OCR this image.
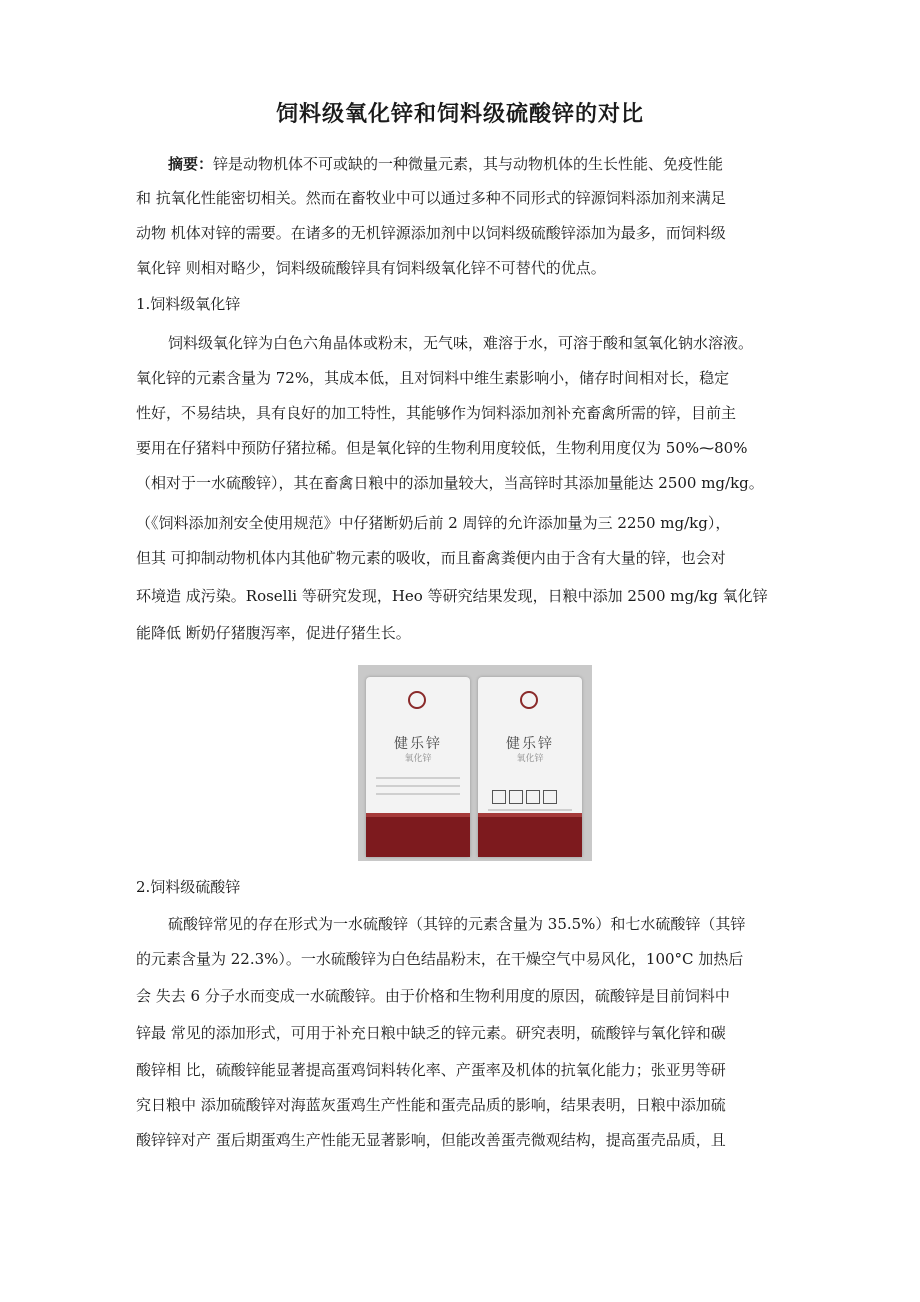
饲料级氧化锌和饲料级硫酸锌的对比
摘要：锌是动物机体不可或缺的一种微量元素，其与动物机体的生长性能、免疫性能
和 抗氧化性能密切相关。然而在畜牧业中可以通过多种不同形式的锌源饲料添加剂来满足
动物 机体对锌的需要。在诸多的无机锌源添加剂中以饲料级硫酸锌添加为最多，而饲料级
氧化锌 则相对略少，饲料级硫酸锌具有饲料级氧化锌不可替代的优点。
1.饲料级氧化锌
饲料级氧化锌为白色六角晶体或粉末，无气味，难溶于水，可溶于酸和氢氧化钠水溶液。
氧化锌的元素含量为 72%，其成本低，且对饲料中维生素影响小，储存时间相对长，稳定
性好，不易结块，具有良好的加工特性，其能够作为饲料添加剂补充畜禽所需的锌，目前主
要用在仔猪料中预防仔猪拉稀。但是氧化锌的生物利用度较低，生物利用度仅为 50%⁓80%
（相对于一水硫酸锌），其在畜禽日粮中的添加量较大，当高锌时其添加量能达 2500 mg/kg。
（《饲料添加剂安全使用规范》中仔猪断奶后前 2 周锌的允许添加量为三 2250 mg/kg），
但其 可抑制动物机体内其他矿物元素的吸收，而且畜禽粪便内由于含有大量的锌，也会对
环境造 成污染。Roselli 等研究发现，Heo 等研究结果发现，日粮中添加 2500 mg/kg 氧化锌
能降低 断奶仔猪腹泻率，促进仔猪生长。
健乐锌
氧化锌
健乐锌
氧化锌
2.饲料级硫酸锌
硫酸锌常见的存在形式为一水硫酸锌（其锌的元素含量为 35.5%）和七水硫酸锌（其锌
的元素含量为 22.3%）。一水硫酸锌为白色结晶粉末，在干燥空气中易风化，100°C 加热后
会 失去 6 分子水而变成一水硫酸锌。由于价格和生物利用度的原因，硫酸锌是目前饲料中
锌最 常见的添加形式，可用于补充日粮中缺乏的锌元素。研究表明，硫酸锌与氧化锌和碳
酸锌相 比，硫酸锌能显著提高蛋鸡饲料转化率、产蛋率及机体的抗氧化能力；张亚男等研
究日粮中 添加硫酸锌对海蓝灰蛋鸡生产性能和蛋壳品质的影响，结果表明，日粮中添加硫
酸锌锌对产 蛋后期蛋鸡生产性能无显著影响，但能改善蛋壳微观结构，提高蛋壳品质，且
